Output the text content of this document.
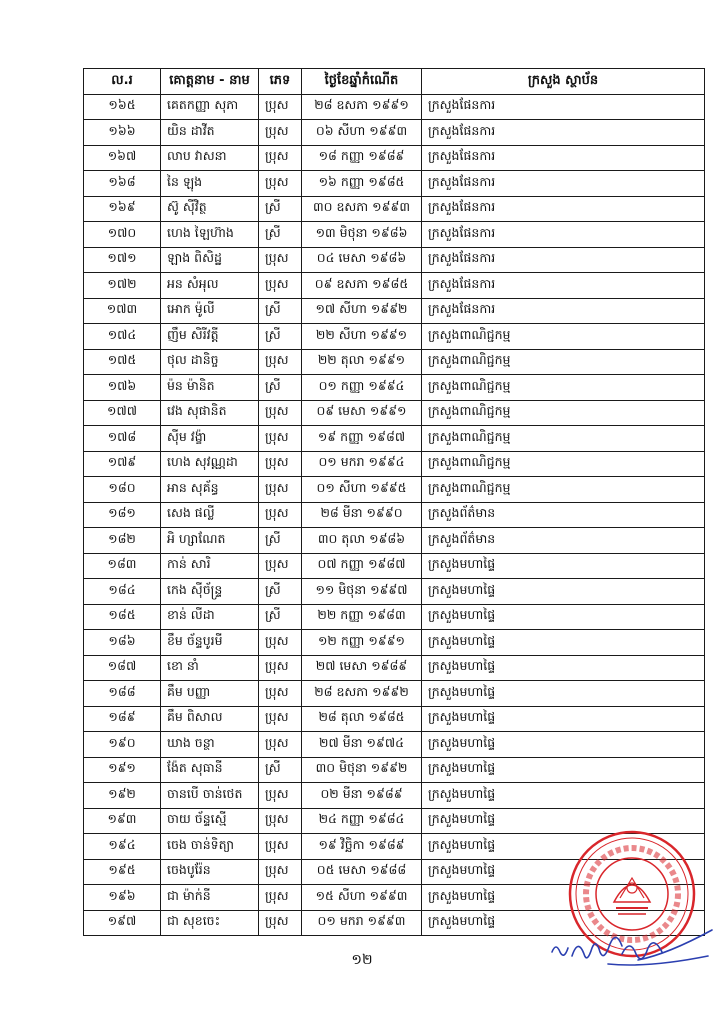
ល.រ	គោត្តនាម - នាម	ភេទ	ថ្ងៃខែឆ្នាំកំណើត	ក្រសួង ស្ថាប័ន
១៦៥	គេតកញ្ញា សុភា	ប្រុស	២៨ ឧសភា ១៩៩១	ក្រសួងផែនការ
១៦៦	យិន ដាវីត	ប្រុស	០៦ សីហា ១៩៩៣	ក្រសួងផែនការ
១៦៧	លាប វាសនា	ប្រុស	១៨ កញ្ញា ១៩៨៩	ក្រសួងផែនការ
១៦៨	នៃ ឡុង	ប្រុស	១៦ កញ្ញា ១៩៨៥	ក្រសួងផែនការ
១៦៩	ស៊ូ ស៊ីវិត្ថ	ស្រី	៣០ ឧសភា ១៩៩៣	ក្រសួងផែនការ
១៧០	ហេង ឡៃហ៊ាង	ស្រី	១៣ មិថុនា ១៩៨៦	ក្រសួងផែនការ
១៧១	ឡាង ពិសិដ្ឋ	ប្រុស	០៤ មេសា ១៩៨៦	ក្រសួងផែនការ
១៧២	អន សំអុល	ប្រុស	០៩ ឧសភា ១៩៨៥	ក្រសួងផែនការ
១៧៣	អោក ម៉ូលី	ស្រី	១៧ សីហា ១៩៩២	ក្រសួងផែនការ
១៧៤	ញឹម សិរីវត្តី	ស្រី	២២ សីហា ១៩៩១	ក្រសួងពាណិជ្ជកម្ម
១៧៥	ថុល ដានិច្ច	ប្រុស	២២ តុលា ១៩៩១	ក្រសួងពាណិជ្ជកម្ម
១៧៦	ម៉ន ម៉ានិត	ស្រី	០១ កញ្ញា ១៩៩៤	ក្រសួងពាណិជ្ជកម្ម
១៧៧	វេង សុផានិត	ប្រុស	០៩ មេសា ១៩៩១	ក្រសួងពាណិជ្ជកម្ម
១៧៨	ស៊ីម វង្ខ៉ា	ប្រុស	១៩ កញ្ញា ១៩៨៧	ក្រសួងពាណិជ្ជកម្ម
១៧៩	ហេង សុវណ្ណដា	ប្រុស	០១ មករា ១៩៩៤	ក្រសួងពាណិជ្ជកម្ម
១៨០	អាន សុគ័ន្ធ	ប្រុស	០១ សីហា ១៩៩៥	ក្រសួងពាណិជ្ជកម្ម
១៨១	សេង ផល្លី	ប្រុស	២៨ មីនា ១៩៩០	ក្រសួងព័ត៌មាន
១៨២	អិ ហ្សាណែត	ស្រី	៣០ តុលា ១៩៨៦	ក្រសួងព័ត៌មាន
១៨៣	កាន់ សារិ	ប្រុស	០៧ កញ្ញា ១៩៨៧	ក្រសួងមហាផ្ទៃ
១៨៤	កេង ស៊ីច័ន្ទ្រ	ស្រី	១១ មិថុនា ១៩៩៧	ក្រសួងមហាផ្ទៃ
១៨៥	ខាន់ លីដា	ស្រី	២២ កញ្ញា ១៩៨៣	ក្រសួងមហាផ្ទៃ
១៨៦	ខឹម ច័ន្ទបូរមី	ប្រុស	១២ កញ្ញា ១៩៩១	ក្រសួងមហាផ្ទៃ
១៨៧	ខោ នាំ	ប្រុស	២៧ មេសា ១៩៨៩	ក្រសួងមហាផ្ទៃ
១៨៨	គឹម បញ្ញា	ប្រុស	២៨ ឧសភា ១៩៩២	ក្រសួងមហាផ្ទៃ
១៨៩	គឹម ពិសាល	ប្រុស	២៨ តុលា ១៩៨៥	ក្រសួងមហាផ្ទៃ
១៩០	ឃាង ចន្ថា	ប្រុស	២៧ មីនា ១៩៧៤	ក្រសួងមហាផ្ទៃ
១៩១	ង៉ែត សុធានី	ស្រី	៣០ មិថុនា ១៩៩២	ក្រសួងមហាផ្ទៃ
១៩២	ចានបេី ចាន់ថេត	ប្រុស	០២ មីនា ១៩៨៩	ក្រសួងមហាផ្ទៃ
១៩៣	ចាយ ច័ន្ទស្មើ	ប្រុស	២៤ កញ្ញា ១៩៨៤	ក្រសួងមហាផ្ទៃ
១៩៤	ចេង ចាន់ទិត្យា	ប្រុស	១៩ វិច្ឆិកា ១៩៨៩	ក្រសួងមហាផ្ទៃ
១៩៥	ចេងបូរ៉ែន	ប្រុស	០៥ មេសា ១៩៨៨	ក្រសួងមហាផ្ទៃ
១៩៦	ជា ម៉ាក់នី	ប្រុស	១៥ សីហា ១៩៩៣	ក្រសួងមហាផ្ទៃ
១៩៧	ជា សុខចេះ	ប្រុស	០១ មករា ១៩៩៣	ក្រសួងមហាផ្ទៃ
១២
